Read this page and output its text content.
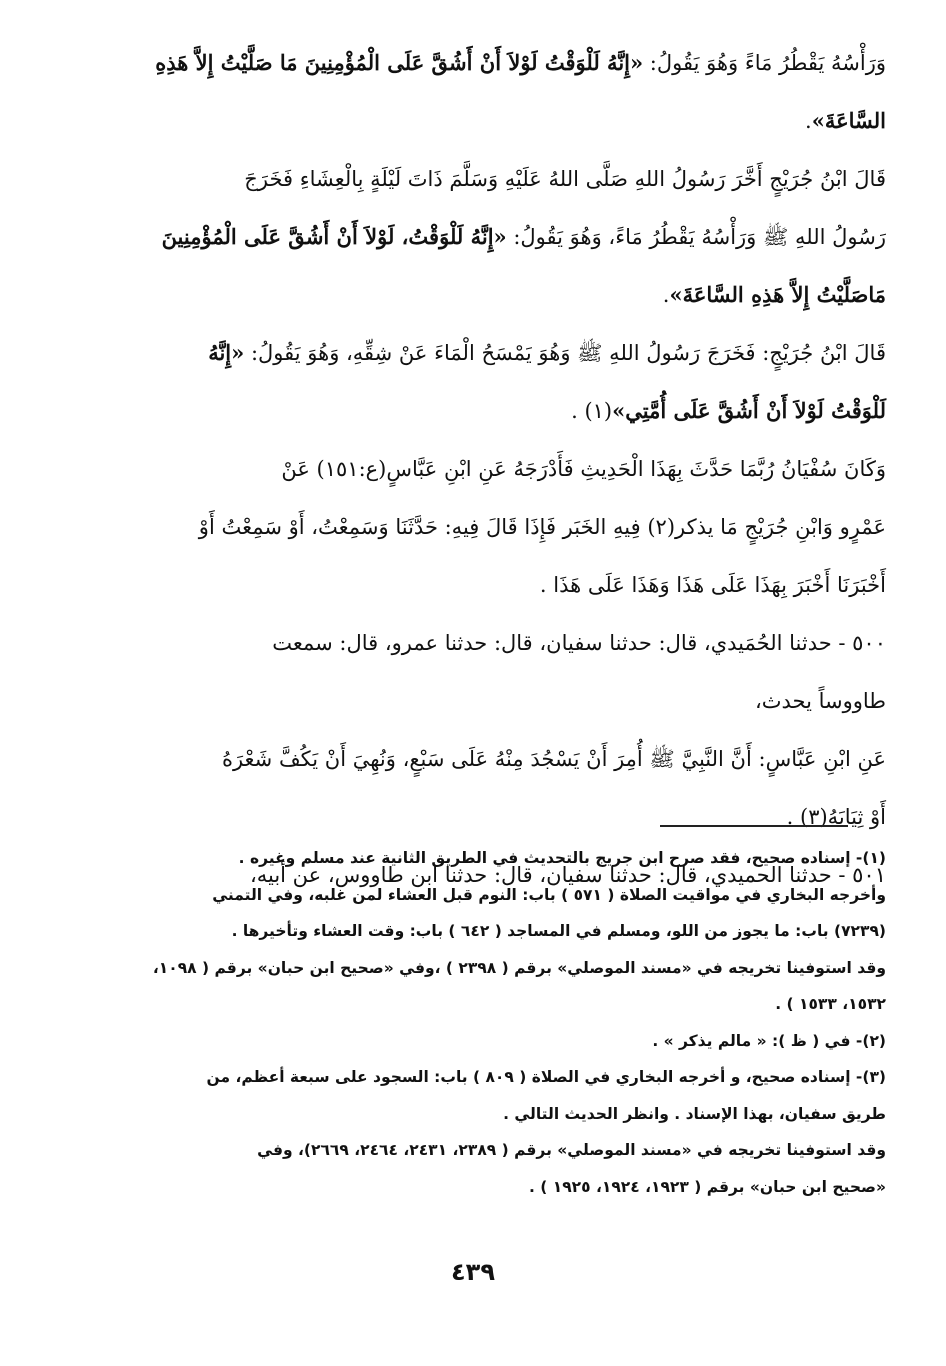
وَرَأْسُهُ يَقْطُرُ مَاءً وَهُوَ يَقُولُ: «إِنَّهُ لَلْوَقْتُ لَوْلاَ أَنْ أَشُقَّ عَلَى الْمُؤْمِنِينَ مَا صَلَّيْتُ إِلاَّ هَذِهِ

السَّاعَةَ».

قَالَ ابْنُ جُرَيْجٍ أَخَّرَ رَسُولُ اللهِ صَلَّى اللهُ عَلَيْهِ وَسَلَّمَ ذَاتَ لَيْلَةٍ بِالْعِشَاءِ فَخَرَجَ

رَسُولُ اللهِ ﷺ وَرَأْسُهُ يَقْطُرُ مَاءً، وَهُوَ يَقُولُ: «إِنَّهُ لَلْوَقْتُ، لَوْلاَ أَنْ أَشُقَّ عَلَى الْمُؤْمِنِينَ

مَاصَلَّيْتُ إِلاَّ هَذِهِ السَّاعَةَ».

قَالَ ابْنُ جُرَيْجٍ: فَخَرَجَ رَسُولُ اللهِ ﷺ وَهُوَ يَمْسَحُ الْمَاءَ عَنْ شِقِّهِ، وَهُوَ يَقُولُ: «إِنَّهُ

لَلْوَقْتُ لَوْلاَ أَنْ أَشُقَّ عَلَى أُمَّتِي»(١) .

وَكَانَ سُفْيَانُ رُبَّمَا حَدَّثَ بِهَذَا الْحَدِيثِ فَأَدْرَجَهُ عَنِ ابْنِ عَبَّاسٍ(ع:١٥١) عَنْ

عَمْرٍو وَابْنِ جُرَيْجٍ مَا يذكر(٢) فِيهِ الخَبَر فَإِذَا قَالَ فِيهِ: حَدَّثَنَا وَسَمِعْتُ، أَوْ سَمِعْتُ أَوْ

أَخْبَرَنَا أَخْبَرَ بِهَذَا عَلَى هَذَا وَهَذَا عَلَى هَذَا .

٥٠٠ - حدثنا الحُمَيدي، قال: حدثنا سفيان، قال: حدثنا عمرو، قال: سمعت

طاووساً يحدث،

عَنِ ابْنِ عَبَّاسٍ: أَنَّ النَّبِيَّ ﷺ أُمِرَ أَنْ يَسْجُدَ مِنْهُ عَلَى سَبْعٍ، وَنُهِيَ أَنْ يَكُفَّ شَعْرَهُ

أَوْ ثِيَابَهُ(٣) .

٥٠١ - حدثنا الحميدي، قال: حدثنا سفيان، قال: حدثنا ابن طاووس، عن أبيه،

(١)- إسناده صحيح، فقد صرح ابن جريج بالتحديث في الطريق الثانية عند مسلم وغيره .

وأخرجه البخاري في مواقيت الصلاة ( ٥٧١ ) باب: النوم قبل العشاء لمن غلبه، وفي التمني

(٧٢٣٩) باب: ما يجوز من اللو، ومسلم في المساجد ( ٦٤٢ ) باب: وقت العشاء وتأخيرها .

وقد استوفينا تخريجه في «مسند الموصلي» برقم ( ٢٣٩٨ ) ،وفي «صحيح ابن حبان» برقم ( ١٠٩٨،

١٥٣٢، ١٥٣٣ ) .

(٢)- في ( ظ ): « مالم يذكر » .

(٣)- إسناده صحيح، و أخرجه البخاري في الصلاة ( ٨٠٩ ) باب: السجود على سبعة أعظم، من

طريق سفيان، بهذا الإسناد . وانظر الحديث التالي .

وقد استوفينا تخريجه في «مسند الموصلي» برقم ( ٢٣٨٩، ٢٤٣١، ٢٤٦٤، ٢٦٦٩)، وفي

«صحيح ابن حبان» برقم ( ١٩٢٣، ١٩٢٤، ١٩٢٥ ) .

٤٣٩
